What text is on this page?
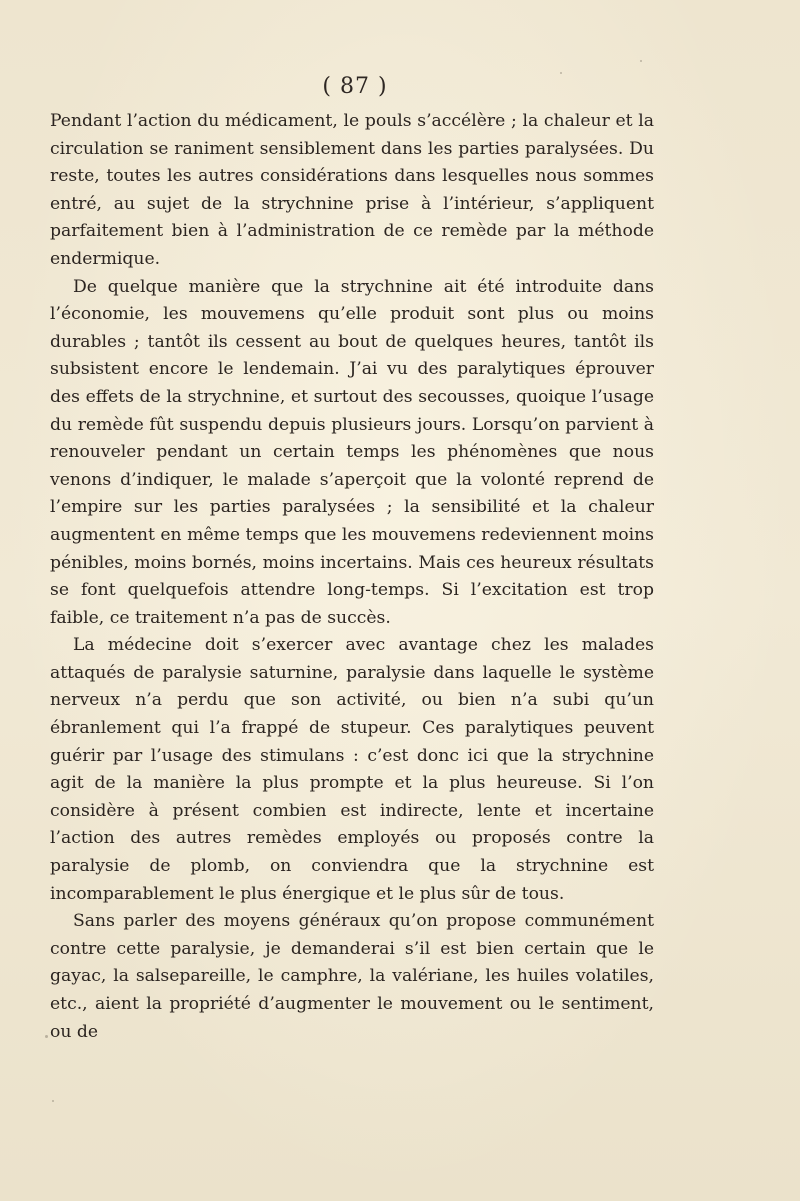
( 87 )

Pendant l’action du médicament, le pouls s’accélère ; la chaleur et la circulation se raniment sensiblement dans les parties paralysées. Du reste, toutes les autres considérations dans lesquelles nous sommes entré, au sujet de la strychnine prise à l’intérieur, s’appliquent parfaitement bien à l’administration de ce remède par la méthode endermique.

De quelque manière que la strychnine ait été introduite dans l’économie, les mouvemens qu’elle produit sont plus ou moins durables ; tantôt ils cessent au bout de quelques heures, tantôt ils subsistent encore le lendemain. J’ai vu des paralytiques éprouver des effets de la strychnine, et surtout des secousses, quoique l’usage du remède fût suspendu depuis plusieurs jours. Lorsqu’on parvient à renouveler pendant un certain temps les phénomènes que nous venons d’indiquer, le malade s’aperçoit que la volonté reprend de l’empire sur les parties paralysées ; la sensibilité et la chaleur augmentent en même temps que les mouvemens redeviennent moins pénibles, moins bornés, moins incertains. Mais ces heureux résultats se font quelquefois attendre long-temps. Si l’excitation est trop faible, ce traitement n’a pas de succès.

La médecine doit s’exercer avec avantage chez les malades attaqués de paralysie saturnine, paralysie dans laquelle le système nerveux n’a perdu que son activité, ou bien n’a subi qu’un ébranlement qui l’a frappé de stupeur. Ces paralytiques peuvent guérir par l’usage des stimulans : c’est donc ici que la strychnine agit de la manière la plus prompte et la plus heureuse. Si l’on considère à présent combien est indirecte, lente et incertaine l’action des autres remèdes employés ou proposés contre la paralysie de plomb, on conviendra que la strychnine est incomparablement le plus énergique et le plus sûr de tous.

Sans parler des moyens généraux qu’on propose communément contre cette paralysie, je demanderai s’il est bien certain que le gayac, la salsepareille, le camphre, la valériane, les huiles volatiles, etc., aient la propriété d’augmenter le mouvement ou le sentiment, ou de
